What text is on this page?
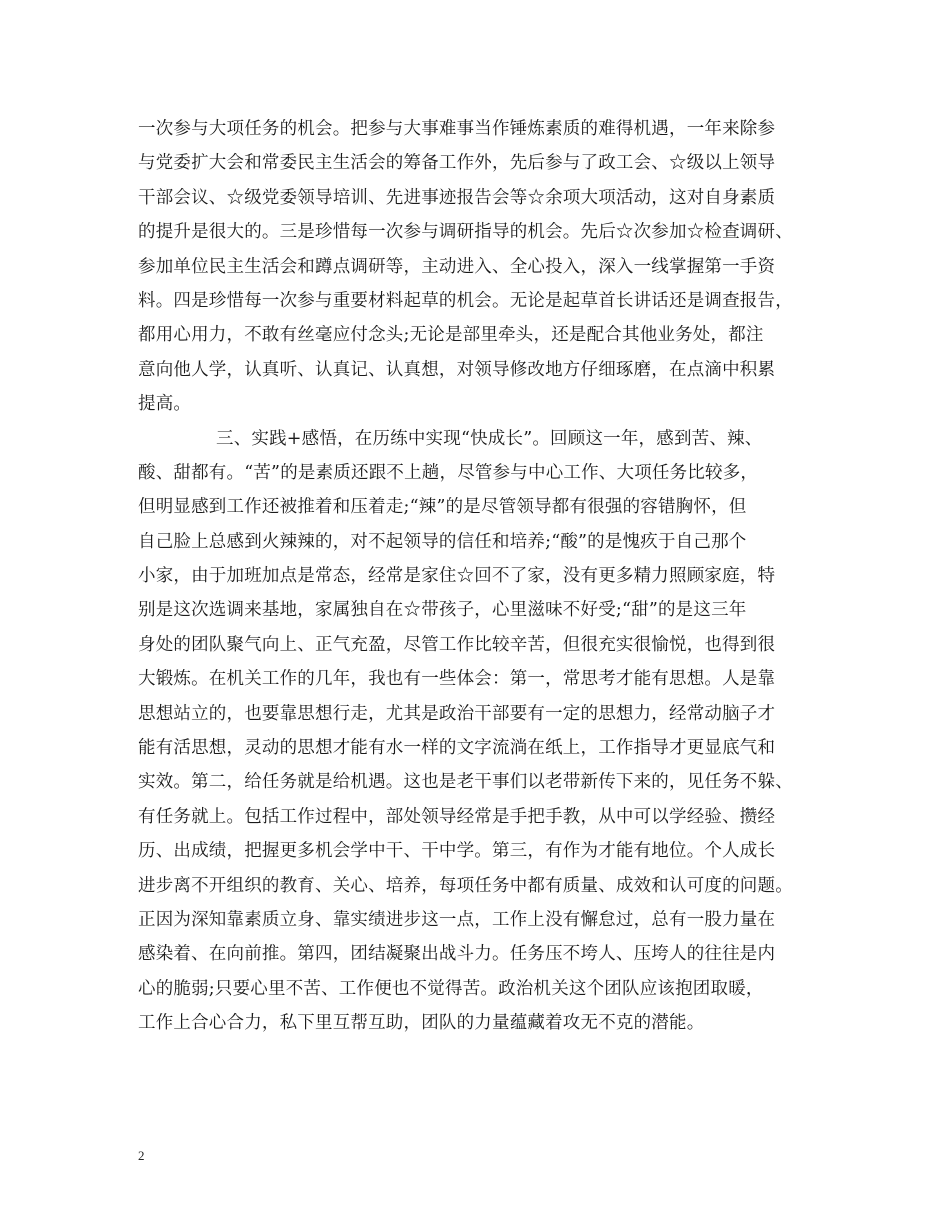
一次参与大项任务的机会。把参与大事难事当作锤炼素质的难得机遇，一年来除参
与党委扩大会和常委民主生活会的筹备工作外，先后参与了政工会、☆级以上领导
干部会议、☆级党委领导培训、先进事迹报告会等☆余项大项活动，这对自身素质
的提升是很大的。三是珍惜每一次参与调研指导的机会。先后☆次参加☆检查调研、
参加单位民主生活会和蹲点调研等，主动进入、全心投入，深入一线掌握第一手资
料。四是珍惜每一次参与重要材料起草的机会。无论是起草首长讲话还是调查报告，
都用心用力，不敢有丝毫应付念头;无论是部里牵头，还是配合其他业务处，都注
意向他人学，认真听、认真记、认真想，对领导修改地方仔细琢磨，在点滴中积累
提高。
三、实践+感悟，在历练中实现“快成长”。回顾这一年，感到苦、辣、
酸、甜都有。“苦”的是素质还跟不上趟，尽管参与中心工作、大项任务比较多，
但明显感到工作还被推着和压着走;“辣”的是尽管领导都有很强的容错胸怀，但
自己脸上总感到火辣辣的，对不起领导的信任和培养;“酸”的是愧疚于自己那个
小家，由于加班加点是常态，经常是家住☆回不了家，没有更多精力照顾家庭，特
别是这次选调来基地，家属独自在☆带孩子，心里滋味不好受;“甜”的是这三年
身处的团队聚气向上、正气充盈，尽管工作比较辛苦，但很充实很愉悦，也得到很
大锻炼。在机关工作的几年，我也有一些体会：第一，常思考才能有思想。人是靠
思想站立的，也要靠思想行走，尤其是政治干部要有一定的思想力，经常动脑子才
能有活思想，灵动的思想才能有水一样的文字流淌在纸上，工作指导才更显底气和
实效。第二，给任务就是给机遇。这也是老干事们以老带新传下来的，见任务不躲、
有任务就上。包括工作过程中，部处领导经常是手把手教，从中可以学经验、攒经
历、出成绩，把握更多机会学中干、干中学。第三，有作为才能有地位。个人成长
进步离不开组织的教育、关心、培养，每项任务中都有质量、成效和认可度的问题。
正因为深知靠素质立身、靠实绩进步这一点，工作上没有懈怠过，总有一股力量在
感染着、在向前推。第四，团结凝聚出战斗力。任务压不垮人、压垮人的往往是内
心的脆弱;只要心里不苦、工作便也不觉得苦。政治机关这个团队应该抱团取暖，
工作上合心合力，私下里互帮互助，团队的力量蕴藏着攻无不克的潜能。
2
